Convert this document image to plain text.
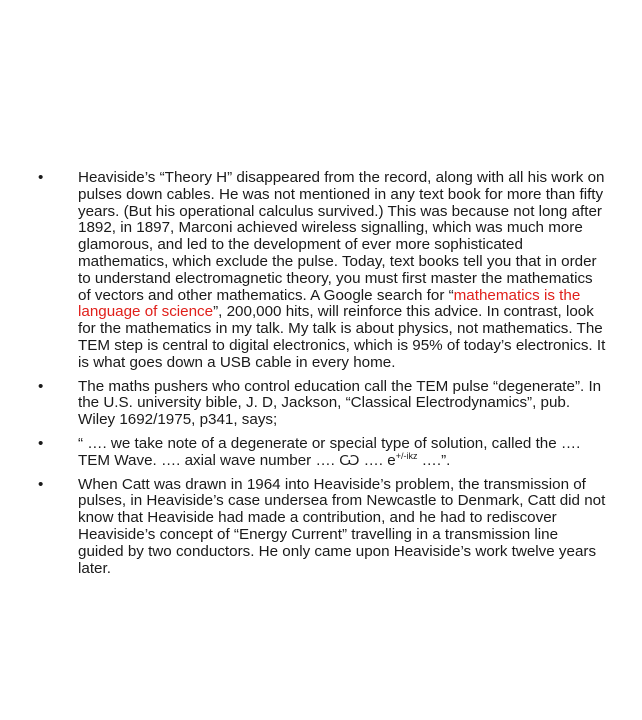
•	Heaviside’s “Theory H” disappeared from the record, along with all his work on pulses down cables. He was not mentioned in any text book for more than fifty years. (But his operational calculus survived.) This was because not long after 1892, in 1897, Marconi achieved wireless signalling, which was much more glamorous, and led to the development of ever more sophisticated mathematics, which exclude the pulse. Today, text books tell you that in order to understand electromagnetic theory, you must first master the mathematics of vectors and other mathematics. A Google search for “mathematics is the language of science”, 200,000 hits, will reinforce this advice. In contrast, look for the mathematics in my talk. My talk is about physics, not mathematics. The TEM step is central to digital electronics, which is 95% of today’s electronics. It is what goes down a USB cable in every home.
•	The maths pushers who control education call the TEM pulse “degenerate”. In the U.S. university bible, J. D, Jackson, “Classical Electrodynamics”, pub. Wiley 1692/1975, p341, says;
•	“ …. we take note of a degenerate or special type of solution, called the …. TEM Wave. …. axial wave number …. Ѡ …. $e^{+/-ikz}$ ….”.
•	When Catt was drawn in 1964 into Heaviside’s problem, the transmission of pulses, in Heaviside’s case undersea from Newcastle to Denmark, Catt did not know that Heaviside had made a contribution, and he had to rediscover Heaviside’s concept of “Energy Current” travelling in a transmission line guided by two conductors. He only came upon Heaviside’s work twelve years later.
